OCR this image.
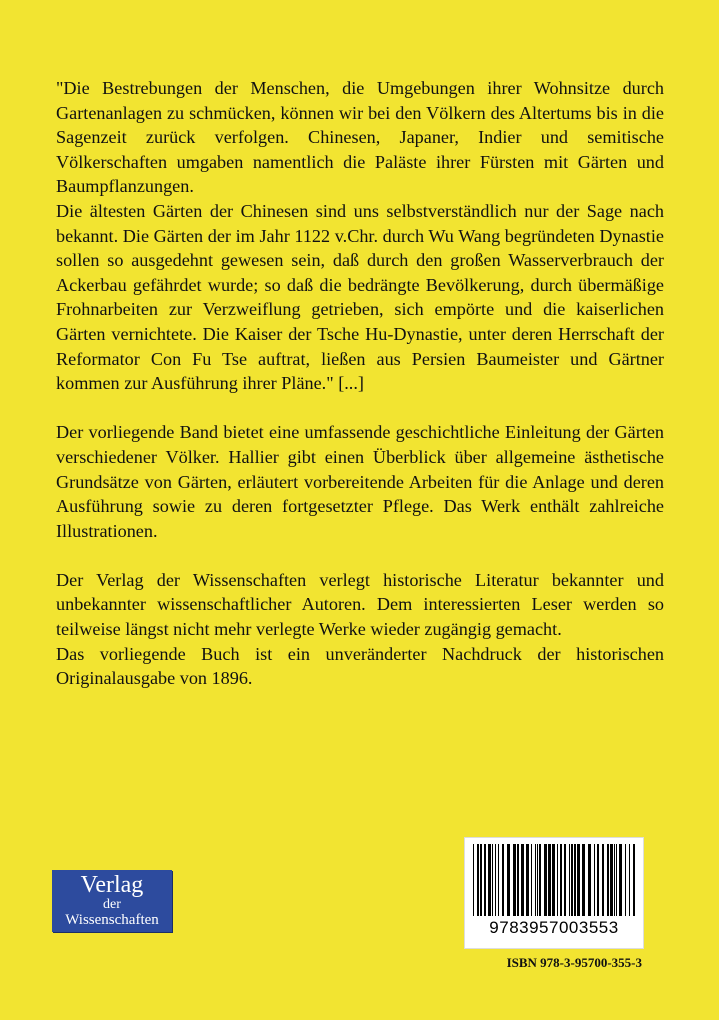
"Die Bestrebungen der Menschen, die Umgebungen ihrer Wohnsitze durch Gartenanlagen zu schmücken, können wir bei den Völkern des Altertums bis in die Sagenzeit zurück verfolgen. Chinesen, Japaner, Indier und semitische Völkerschaften umgaben namentlich die Paläste ihrer Fürsten mit Gärten und Baumpflanzungen.

Die ältesten Gärten der Chinesen sind uns selbstverständlich nur der Sage nach bekannt. Die Gärten der im Jahr 1122 v.Chr. durch Wu Wang begründeten Dynastie sollen so ausgedehnt gewesen sein, daß durch den großen Wasserverbrauch der Ackerbau gefährdet wurde; so daß die bedrängte Bevölkerung, durch übermäßige Frohnarbeiten zur Verzweiflung getrieben, sich empörte und die kaiserlichen Gärten vernichtete. Die Kaiser der Tsche Hu-Dynastie, unter deren Herrschaft der Reformator Con Fu Tse auftrat, ließen aus Persien Baumeister und Gärtner kommen zur Ausführung ihrer Pläne." [...]

Der vorliegende Band bietet eine umfassende geschichtliche Einleitung der Gärten verschiedener Völker. Hallier gibt einen Überblick über allgemeine ästhetische Grundsätze von Gärten, erläutert vorbereitende Arbeiten für die Anlage und deren Ausführung sowie zu deren fortgesetzter Pflege. Das Werk enthält zahlreiche Illustrationen.

Der Verlag der Wissenschaften verlegt historische Literatur bekannter und unbekannter wissenschaftlicher Autoren. Dem interessierten Leser werden so teilweise längst nicht mehr verlegte Werke wieder zugängig gemacht.

Das vorliegende Buch ist ein unveränderter Nachdruck der historischen Originalausgabe von 1896.

Verlag
der
Wissenschaften	9783957003553
ISBN 978-3-95700-355-3
